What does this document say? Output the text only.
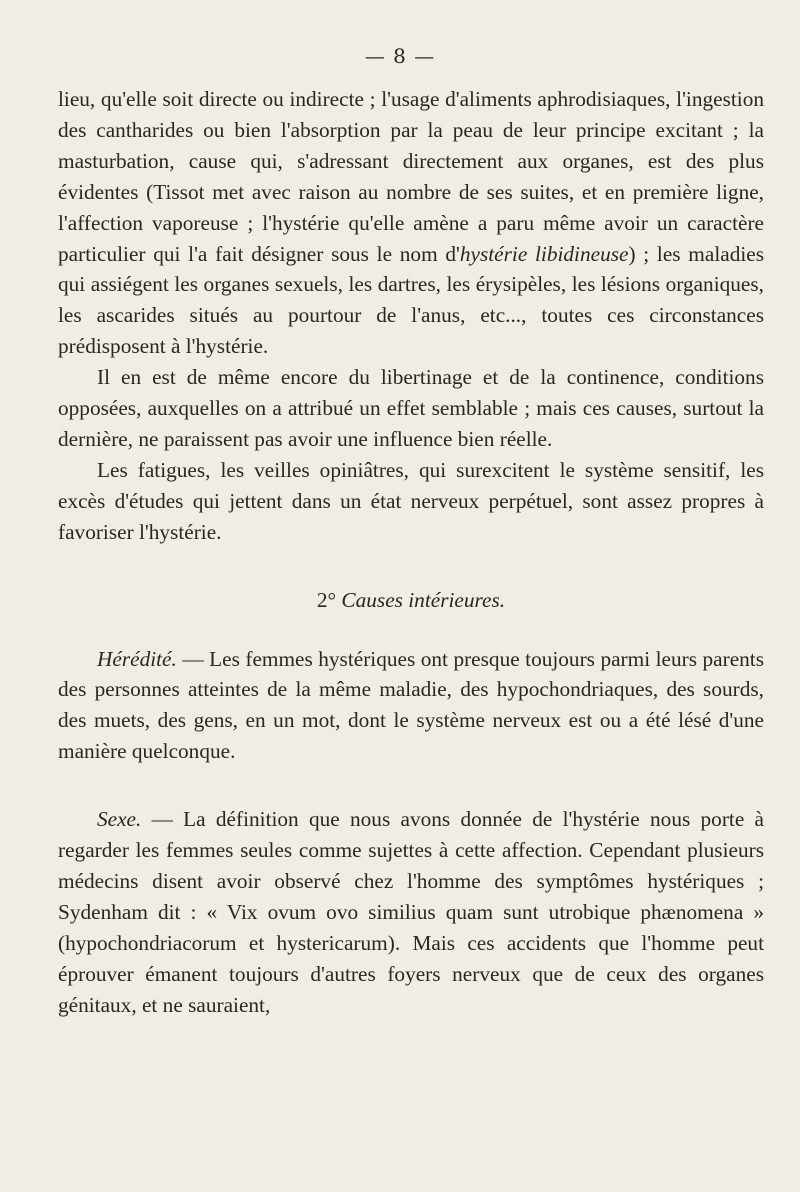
— 8 —

lieu, qu'elle soit directe ou indirecte ; l'usage d'aliments aphrodisiaques, l'ingestion des cantharides ou bien l'absorption par la peau de leur principe excitant ; la masturbation, cause qui, s'adressant directement aux organes, est des plus évidentes (Tissot met avec raison au nombre de ses suites, et en première ligne, l'affection vaporeuse ; l'hystérie qu'elle amène a paru même avoir un caractère particulier qui l'a fait désigner sous le nom d'hystérie libidineuse) ; les maladies qui assiégent les organes sexuels, les dartres, les érysipèles, les lésions organiques, les ascarides situés au pourtour de l'anus, etc..., toutes ces circonstances prédisposent à l'hystérie.

Il en est de même encore du libertinage et de la continence, conditions opposées, auxquelles on a attribué un effet semblable ; mais ces causes, surtout la dernière, ne paraissent pas avoir une influence bien réelle.

Les fatigues, les veilles opiniâtres, qui surexcitent le système sensitif, les excès d'études qui jettent dans un état nerveux perpétuel, sont assez propres à favoriser l'hystérie.

2° Causes intérieures.

Hérédité. — Les femmes hystériques ont presque toujours parmi leurs parents des personnes atteintes de la même maladie, des hypochondriaques, des sourds, des muets, des gens, en un mot, dont le système nerveux est ou a été lésé d'une manière quelconque.

Sexe. — La définition que nous avons donnée de l'hystérie nous porte à regarder les femmes seules comme sujettes à cette affection. Cependant plusieurs médecins disent avoir observé chez l'homme des symptômes hystériques ; Sydenham dit : « Vix ovum ovo similius quam sunt utrobique phænomena » (hypochondriacorum et hystericarum). Mais ces accidents que l'homme peut éprouver émanent toujours d'autres foyers nerveux que de ceux des organes génitaux, et ne sauraient,
